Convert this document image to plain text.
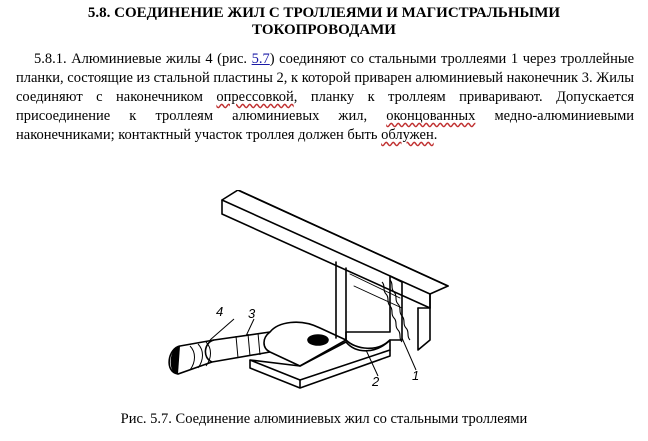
5.8. СОЕДИНЕНИЕ ЖИЛ С ТРОЛЛЕЯМИ И МАГИСТРАЛЬНЫМИ
ТОКОПРОВОДАМИ

5.8.1. Алюминиевые жилы 4 (рис. 5.7) соединяют со стальными троллеями 1 через троллейные планки, состоящие из стальной пластины 2, к которой приварен алюминиевый наконечник 3. Жилы соединяют с наконечником опрессовкой, планку к троллеям приваривают. Допускается присоединение к троллеям алюминиевых жил, оконцованных медно-алюминиевыми наконечниками; контактный участок троллея должен быть облужен.

4 3
2	1
Рис. 5.7. Соединение алюминиевых жил со стальными троллеями
